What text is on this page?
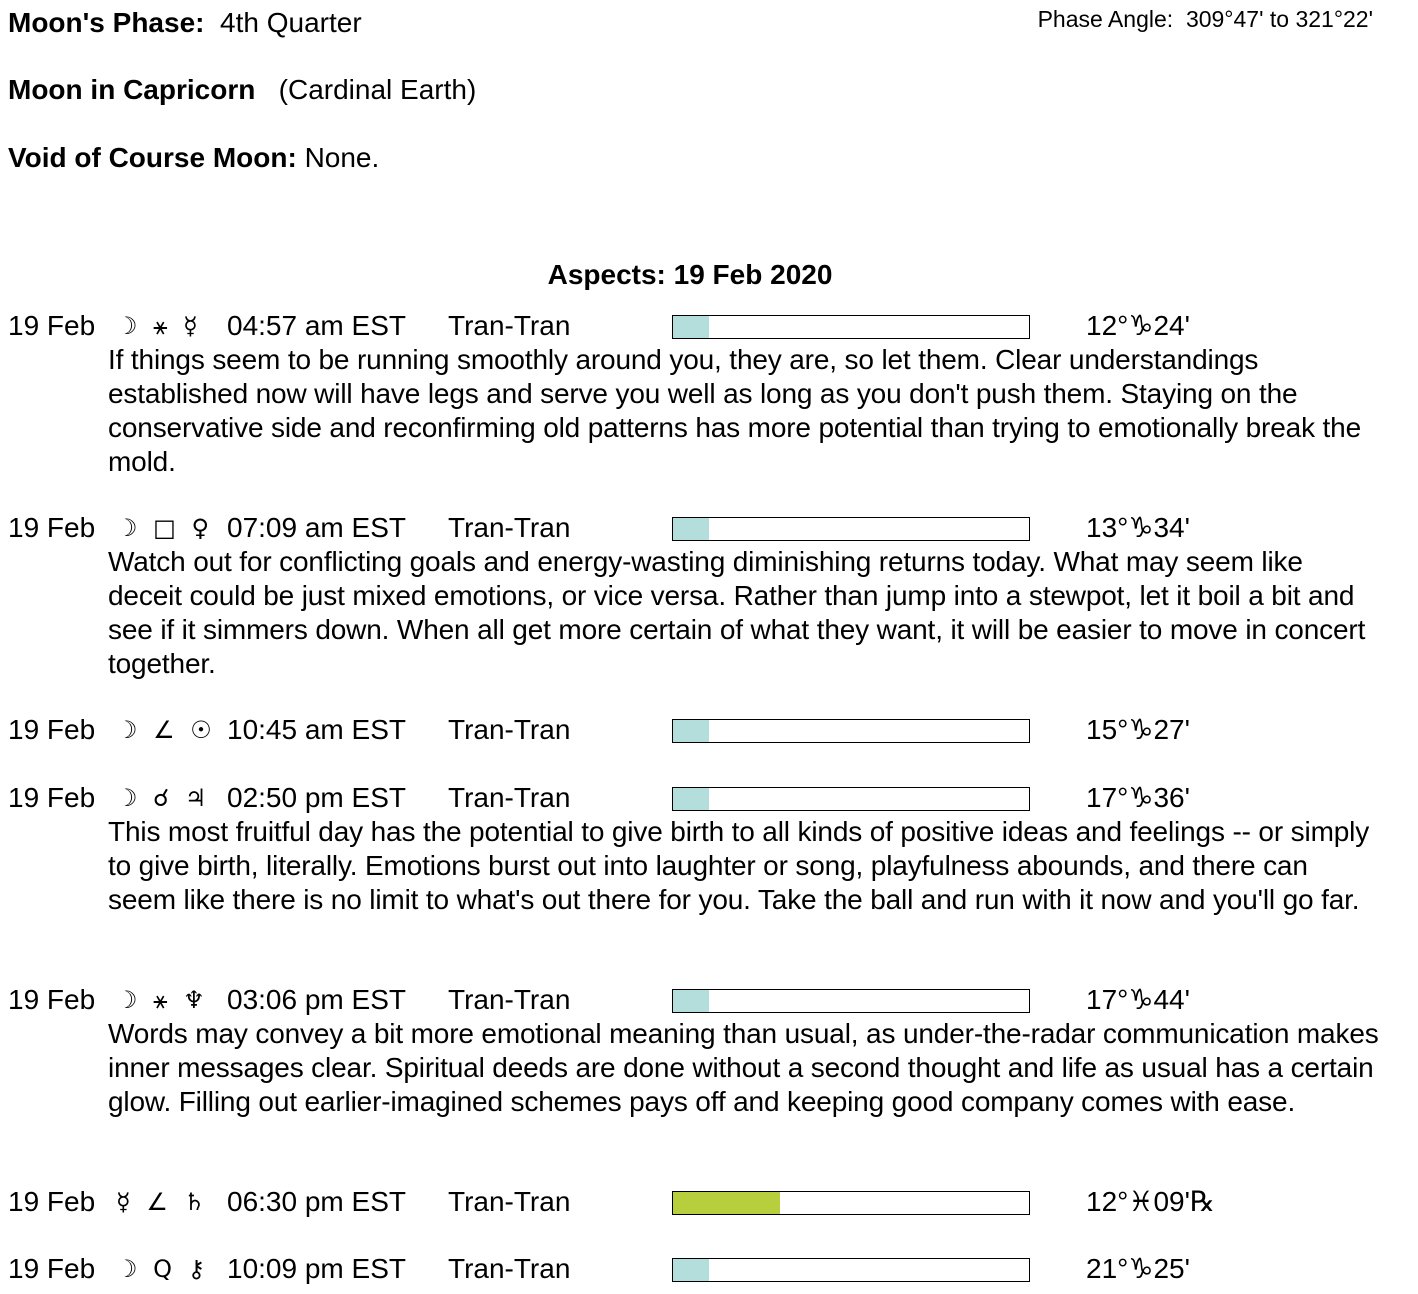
Moon's Phase: 4th Quarter	Phase Angle: 309°47' to 321°22'
Moon in Capricorn (Cardinal Earth)
Void of Course Moon: None.
Aspects: 19 Feb 2020
19 Feb ☽ ⚹ ☿ 04:57 am EST Tran-Tran	12°♑24'

If things seem to be running smoothly around you, they are, so let them. Clear understandings established now will have legs and serve you well as long as you don't push them. Staying on the conservative side and reconfirming old patterns has more potential than trying to emotionally break the mold.

19 Feb ☽ □ ♀ 07:09 am EST Tran-Tran	13°♑34'

Watch out for conflicting goals and energy-wasting diminishing returns today. What may seem like deceit could be just mixed emotions, or vice versa. Rather than jump into a stewpot, let it boil a bit and see if it simmers down. When all get more certain of what they want, it will be easier to move in concert together.

19 Feb ☽ ∠ ☉ 10:45 am EST Tran-Tran	15°♑27'
19 Feb ☽ ☌ ♃ 02:50 pm EST Tran-Tran	17°♑36'

This most fruitful day has the potential to give birth to all kinds of positive ideas and feelings -- or simply to give birth, literally. Emotions burst out into laughter or song, playfulness abounds, and there can seem like there is no limit to what's out there for you. Take the ball and run with it now and you'll go far.

19 Feb ☽ ⚹ ♆ 03:06 pm EST Tran-Tran	17°♑44'

Words may convey a bit more emotional meaning than usual, as under-the-radar communication makes inner messages clear. Spiritual deeds are done without a second thought and life as usual has a certain glow. Filling out earlier-imagined schemes pays off and keeping good company comes with ease.

19 Feb ☿ ∠ ♄ 06:30 pm EST Tran-Tran	12°♓09'℞
19 Feb ☽ Q ⚷ 10:09 pm EST Tran-Tran	21°♑25'
